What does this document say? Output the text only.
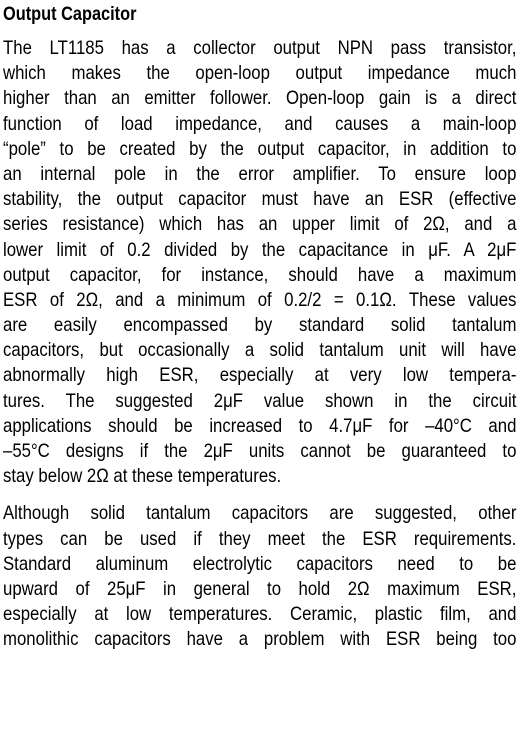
Output Capacitor
The LT1185 has a collector output NPN pass transistor,
which makes the open-loop output impedance much
higher than an emitter follower. Open-loop gain is a direct
function of load impedance, and causes a main-loop
“pole” to be created by the output capacitor, in addition to
an internal pole in the error amplifier. To ensure loop
stability, the output capacitor must have an ESR (effective
series resistance) which has an upper limit of 2Ω, and a
lower limit of 0.2 divided by the capacitance in μF. A 2μF
output capacitor, for instance, should have a maximum
ESR of 2Ω, and a minimum of 0.2/2 = 0.1Ω. These values
are easily encompassed by standard solid tantalum
capacitors, but occasionally a solid tantalum unit will have
abnormally high ESR, especially at very low tempera-
tures. The suggested 2μF value shown in the circuit
applications should be increased to 4.7μF for –40°C and
–55°C designs if the 2μF units cannot be guaranteed to
stay below 2Ω at these temperatures.
Although solid tantalum capacitors are suggested, other
types can be used if they meet the ESR requirements.
Standard aluminum electrolytic capacitors need to be
upward of 25μF in general to hold 2Ω maximum ESR,
especially at low temperatures. Ceramic, plastic film, and
monolithic capacitors have a problem with ESR being too
